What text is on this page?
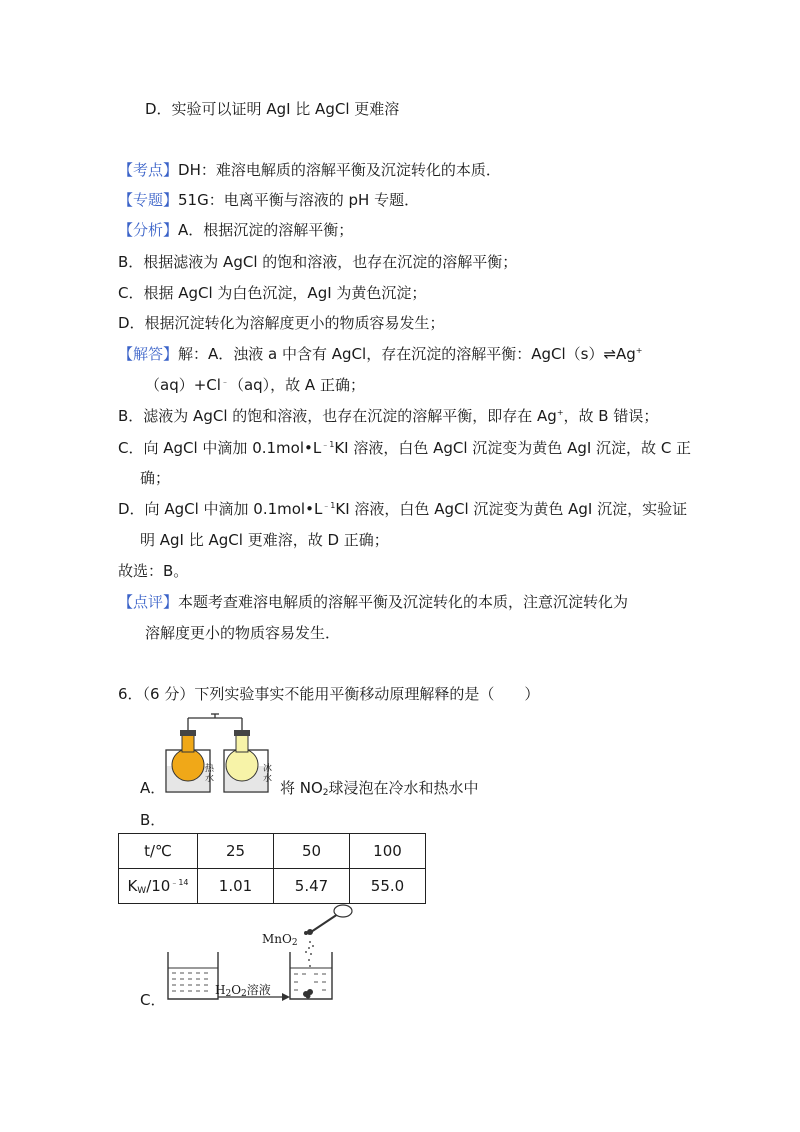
D．实验可以证明 AgI 比 AgCl 更难溶
【考点】DH：难溶电解质的溶解平衡及沉淀转化的本质．
【专题】51G：电离平衡与溶液的 pH 专题．
【分析】A．根据沉淀的溶解平衡；
B．根据滤液为 AgCl 的饱和溶液，也存在沉淀的溶解平衡；
C．根据 AgCl 为白色沉淀，AgI 为黄色沉淀；
D．根据沉淀转化为溶解度更小的物质容易发生；
【解答】解：A．浊液 a 中含有 AgCl，存在沉淀的溶解平衡：AgCl（s）⇌Ag+
（aq）+Cl﹣（aq），故 A 正确；
B．滤液为 AgCl 的饱和溶液，也存在沉淀的溶解平衡，即存在 Ag+，故 B 错误；
C．向 AgCl 中滴加 $0.1mol•L^{﹣1}KI$ 溶液，白色 AgCl 沉淀变为黄色 AgI 沉淀，故 C 正
确；
D．向 AgCl 中滴加 $0.1mol•L^{﹣1}KI$ 溶液，白色 AgCl 沉淀变为黄色 AgI 沉淀，实验证
明 AgI 比 AgCl 更难溶，故 D 正确；
故选：B。
【点评】本题考查难溶电解质的溶解平衡及沉淀转化的本质，注意沉淀转化为
溶解度更小的物质容易发生．
6．（6 分）下列实验事实不能用平衡移动原理解释的是（　　）
热水
冰水
A．	将 $NO_2$球浸泡在冷水和热水中
B．
t/℃	25	50	100
$K_W/10^{﹣14}$	1.01	5.47	55.0
MnO$_2$
$H_2O_2$溶液
C．
